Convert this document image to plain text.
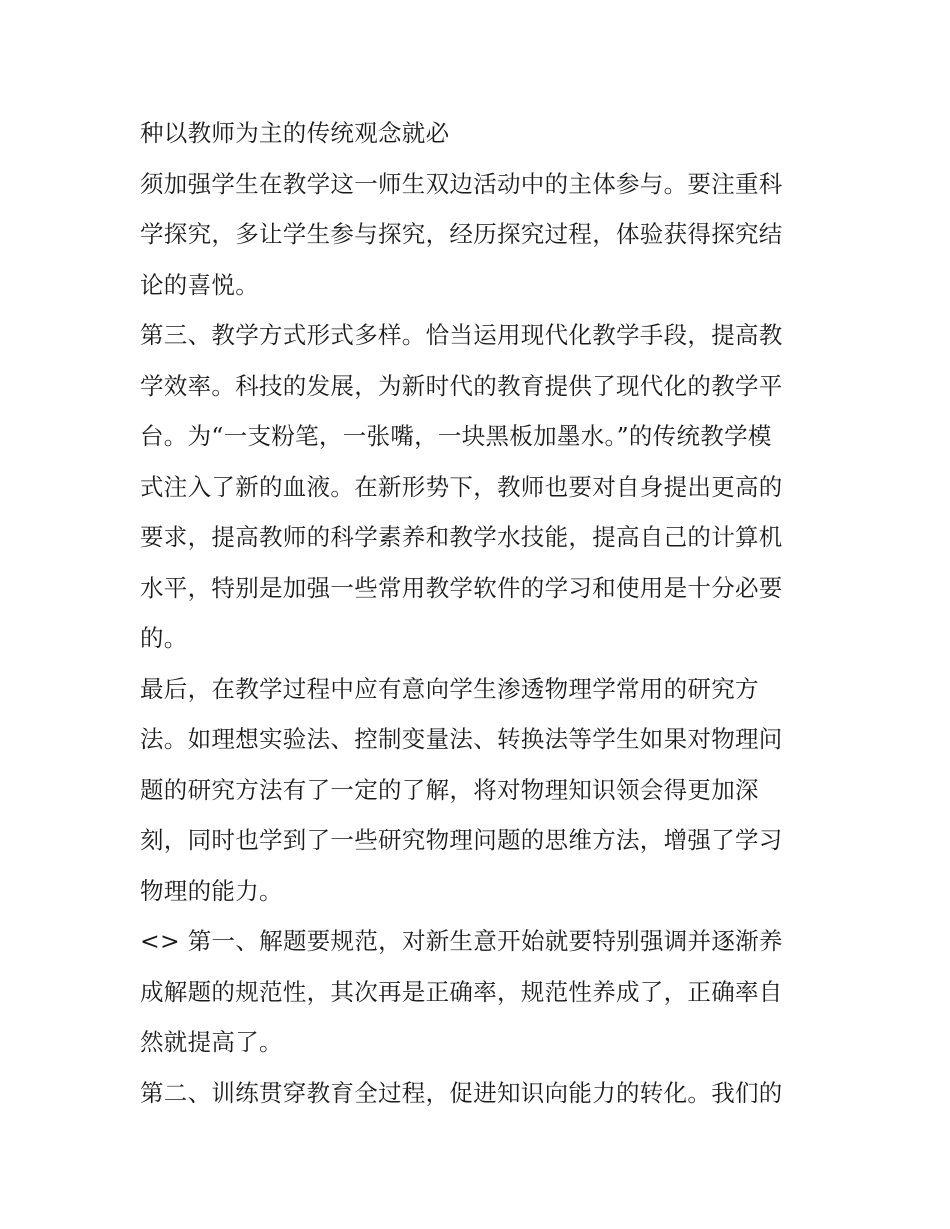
种以教师为主的传统观念就必
须加强学生在教学这一师生双边活动中的主体参与。要注重科
学探究，多让学生参与探究，经历探究过程，体验获得探究结
论的喜悦。
第三、教学方式形式多样。恰当运用现代化教学手段，提高教
学效率。科技的发展，为新时代的教育提供了现代化的教学平
台。为“一支粉笔，一张嘴，一块黑板加墨水。”的传统教学模
式注入了新的血液。在新形势下，教师也要对自身提出更高的
要求，提高教师的科学素养和教学水技能，提高自己的计算机
水平，特别是加强一些常用教学软件的学习和使用是十分必要
的。
最后，在教学过程中应有意向学生渗透物理学常用的研究方
法。如理想实验法、控制变量法、转换法等学生如果对物理问
题的研究方法有了一定的了解，将对物理知识领会得更加深
刻，同时也学到了一些研究物理问题的思维方法，增强了学习
物理的能力。
<> 第一、解题要规范，对新生意开始就要特别强调并逐渐养
成解题的规范性，其次再是正确率，规范性养成了，正确率自
然就提高了。
第二、训练贯穿教育全过程，促进知识向能力的转化。我们的
